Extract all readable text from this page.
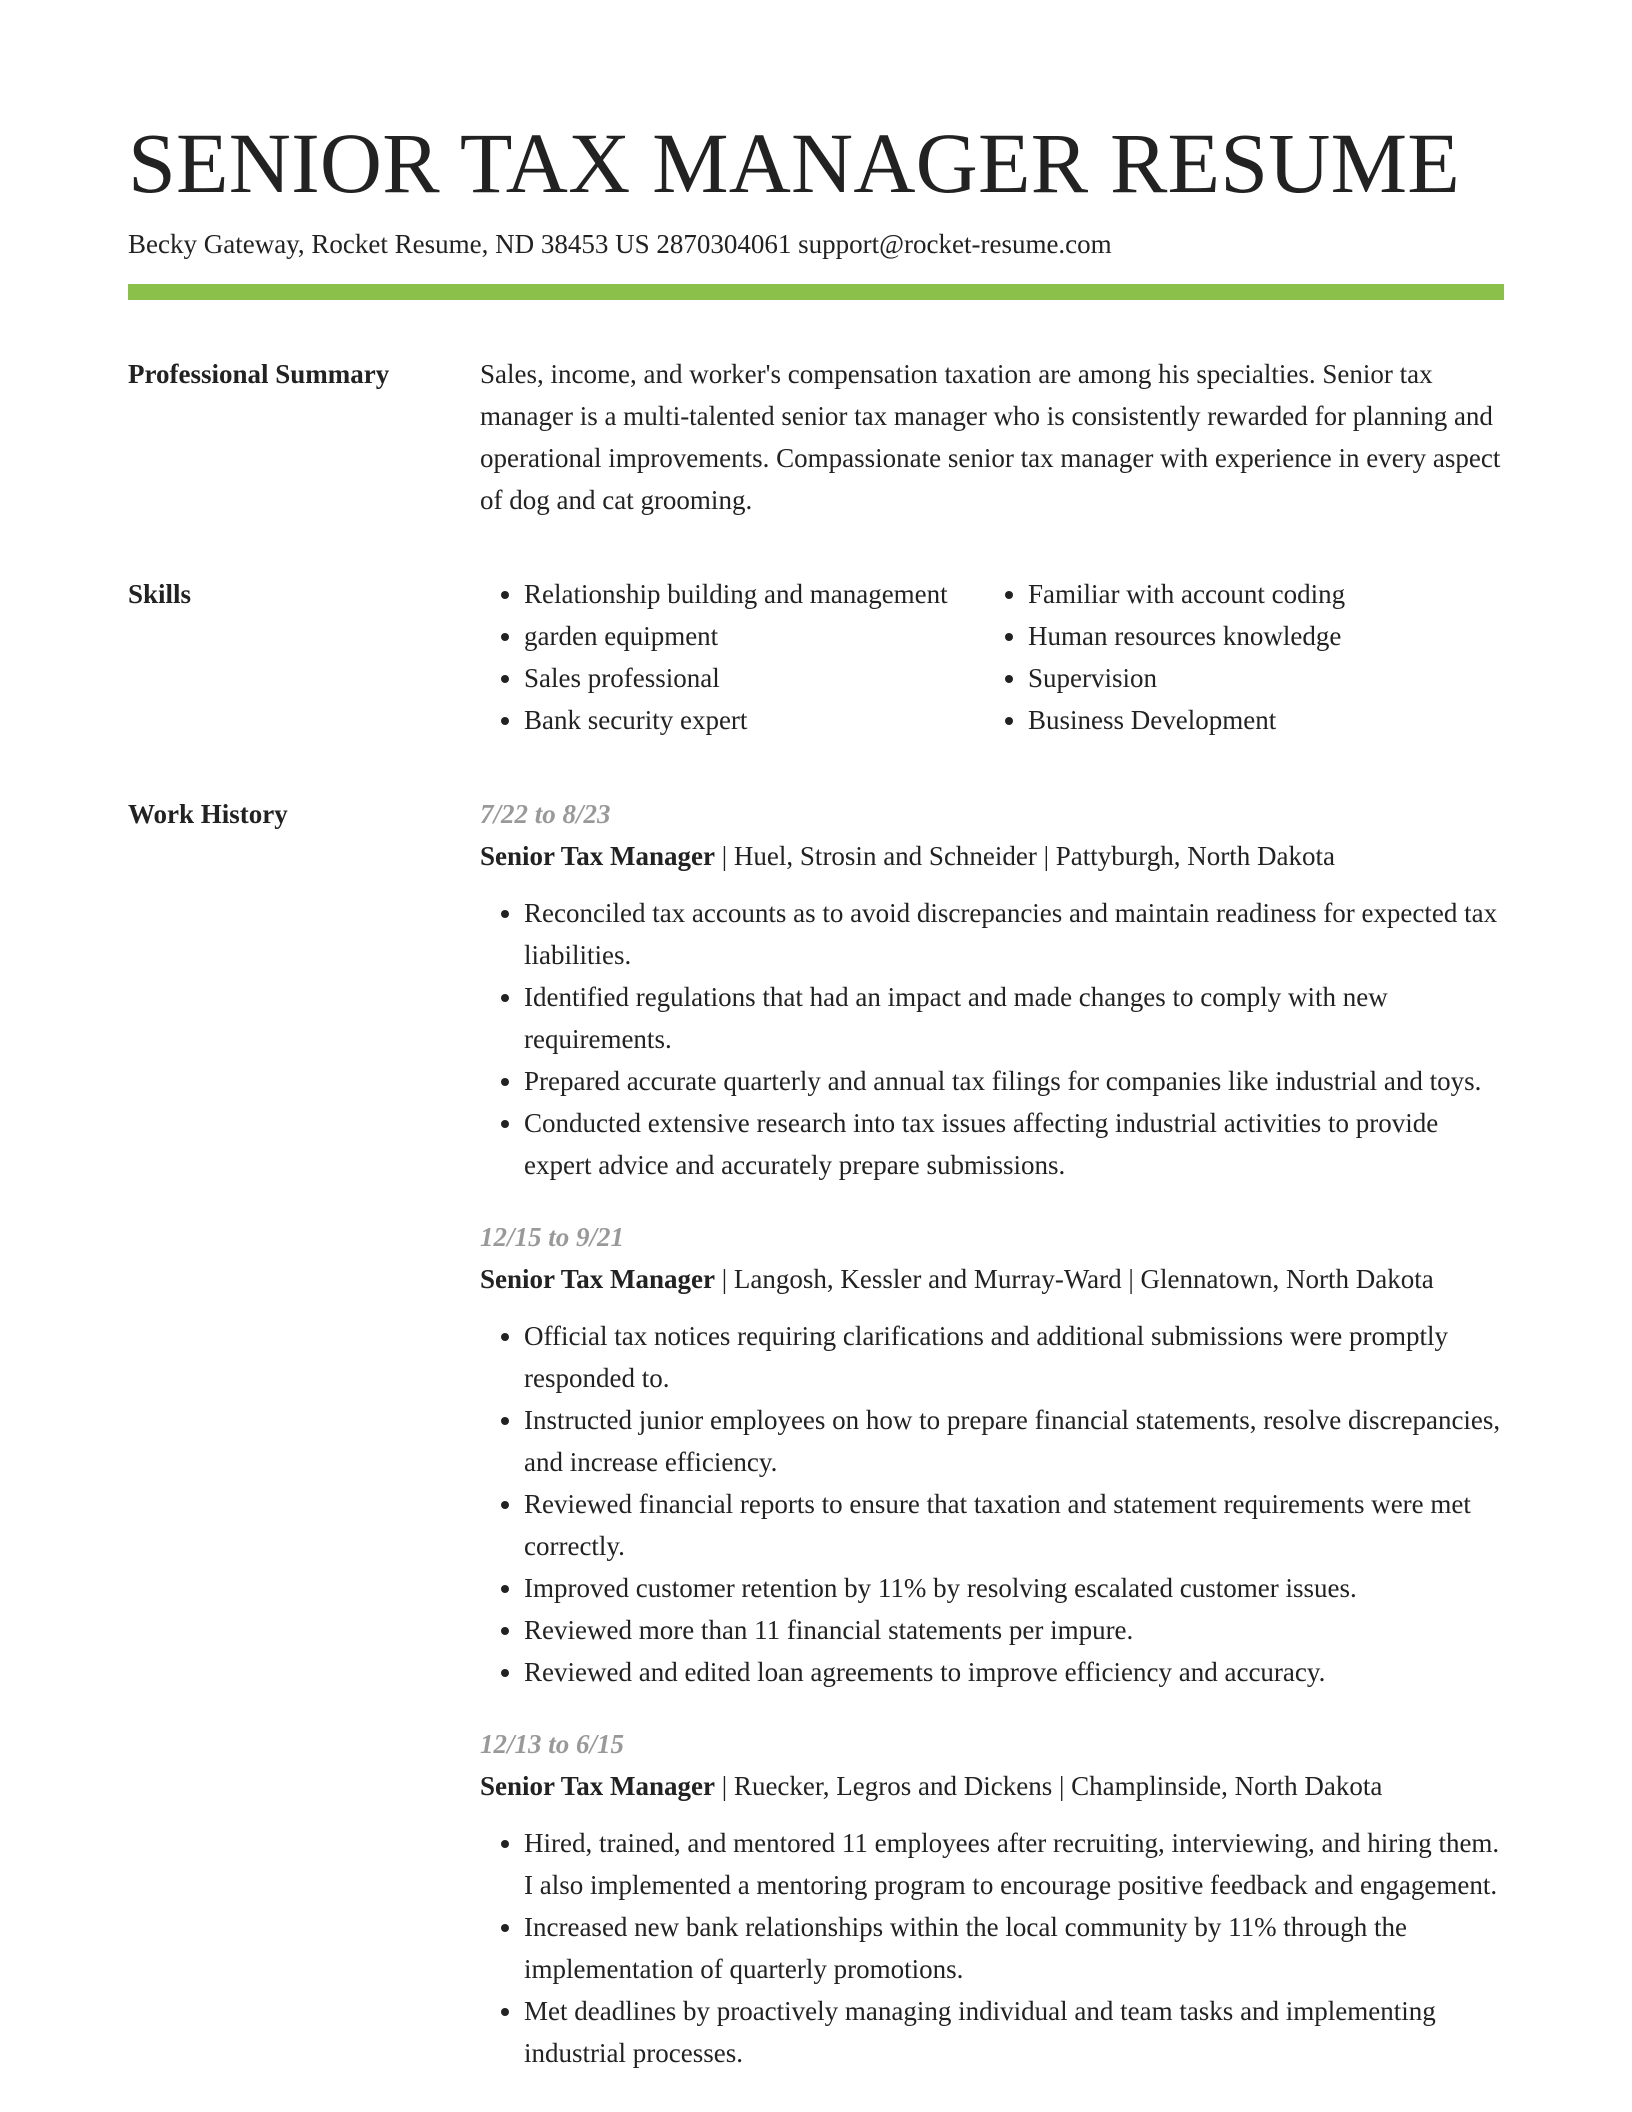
SENIOR TAX MANAGER RESUME
Becky Gateway, Rocket Resume, ND 38453 US 2870304061 support@rocket-resume.com
Professional Summary	Sales, income, and worker's compensation taxation are among his specialties. Senior tax manager is a multi-talented senior tax manager who is consistently rewarded for planning and operational improvements. Compassionate senior tax manager with experience in every aspect of dog and cat grooming.
Skills
•	Relationship building and management
• garden equipment
• Sales professional
• Bank security expert
• Familiar with account coding
• Human resources knowledge
• Supervision
• Business Development
Work History	7/22 to 8/23
Senior Tax Manager | Huel, Strosin and Schneider | Pattyburgh, North Dakota
• Reconciled tax accounts as to avoid discrepancies and maintain readiness for expected tax liabilities.
• Identified regulations that had an impact and made changes to comply with new requirements.
• Prepared accurate quarterly and annual tax filings for companies like industrial and toys.
• Conducted extensive research into tax issues affecting industrial activities to provide expert advice and accurately prepare submissions.
12/15 to 9/21
Senior Tax Manager | Langosh, Kessler and Murray-Ward | Glennatown, North Dakota
• Official tax notices requiring clarifications and additional submissions were promptly responded to.
• Instructed junior employees on how to prepare financial statements, resolve discrepancies, and increase efficiency.
• Reviewed financial reports to ensure that taxation and statement requirements were met correctly.
• Improved customer retention by 11% by resolving escalated customer issues.
• Reviewed more than 11 financial statements per impure.
• Reviewed and edited loan agreements to improve efficiency and accuracy.
12/13 to 6/15
Senior Tax Manager | Ruecker, Legros and Dickens | Champlinside, North Dakota
• Hired, trained, and mentored 11 employees after recruiting, interviewing, and hiring them. I also implemented a mentoring program to encourage positive feedback and engagement.
• Increased new bank relationships within the local community by 11% through the implementation of quarterly promotions.
• Met deadlines by proactively managing individual and team tasks and implementing industrial processes.
